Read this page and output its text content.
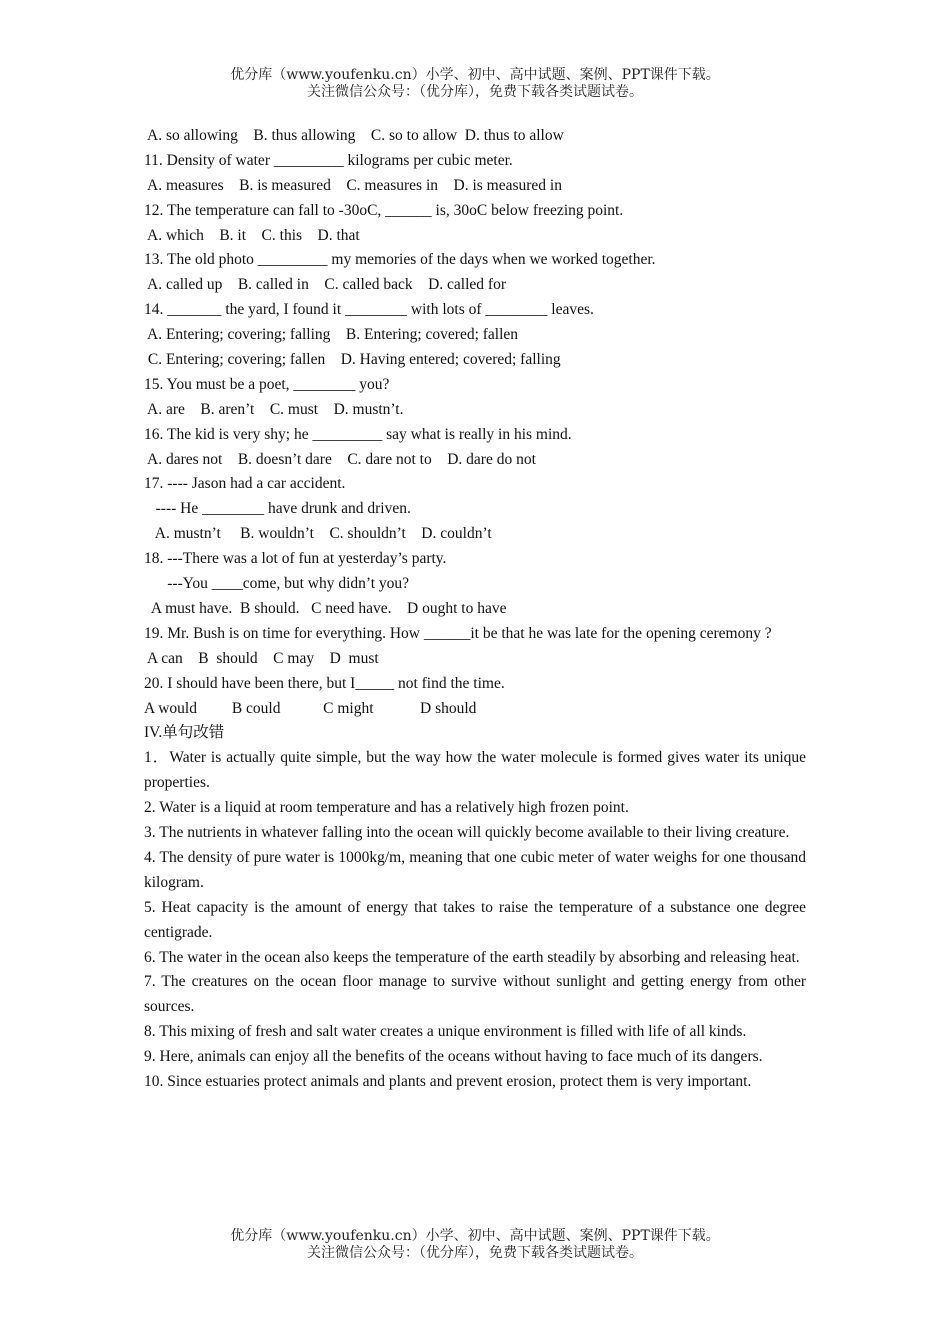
优分库（www.youfenku.cn）小学、初中、高中试题、案例、PPT课件下载。
关注微信公众号：（优分库），免费下载各类试题试卷。
A. so allowing    B. thus allowing    C. so to allow  D. thus to allow
11. Density of water _________ kilograms per cubic meter.
A. measures    B. is measured    C. measures in    D. is measured in
12. The temperature can fall to -30oC, ______ is, 30oC below freezing point.
A. which    B. it    C. this    D. that
13. The old photo _________ my memories of the days when we worked together.
A. called up    B. called in    C. called back    D. called for
14. _______ the yard, I found it ________ with lots of ________ leaves.
A. Entering; covering; falling    B. Entering; covered; fallen
C. Entering; covering; fallen    D. Having entered; covered; falling
15. You must be a poet, ________ you?
A. are    B. aren’t    C. must    D. mustn’t.
16. The kid is very shy; he _________ say what is really in his mind.
A. dares not    B. doesn’t dare    C. dare not to    D. dare do not
17. ---- Jason had a car accident.
---- He ________ have drunk and driven.
A. mustn’t     B. wouldn’t    C. shouldn’t    D. couldn’t
18. ---There was a lot of fun at yesterday’s party.
---You ____come, but why didn’t you?
A must have.  B should.   C need have.    D ought to have

19. Mr. Bush is on time for everything. How ______it be that he was late for the opening ceremony ?

A can    B  should    C may    D  must
20. I should have been there, but I_____ not find the time.
A would         B could           C might            D should
IV.单句改错

1．Water is actually quite simple, but the way how the water molecule is formed gives water its unique properties.

2. Water is a liquid at room temperature and has a relatively high frozen point.

3. The nutrients in whatever falling into the ocean will quickly become available to their living creature.

4. The density of pure water is 1000kg/m, meaning that one cubic meter of water weighs for one thousand kilogram.

5. Heat capacity is the amount of energy that takes to raise the temperature of a substance one degree centigrade.

6. The water in the ocean also keeps the temperature of the earth steadily by absorbing and releasing heat.

7. The creatures on the ocean floor manage to survive without sunlight and getting energy from other sources.

8. This mixing of fresh and salt water creates a unique environment is filled with life of all kinds.

9. Here, animals can enjoy all the benefits of the oceans without having to face much of its dangers.

10. Since estuaries protect animals and plants and prevent erosion, protect them is very important.

优分库（www.youfenku.cn）小学、初中、高中试题、案例、PPT课件下载。
关注微信公众号：（优分库），免费下载各类试题试卷。
